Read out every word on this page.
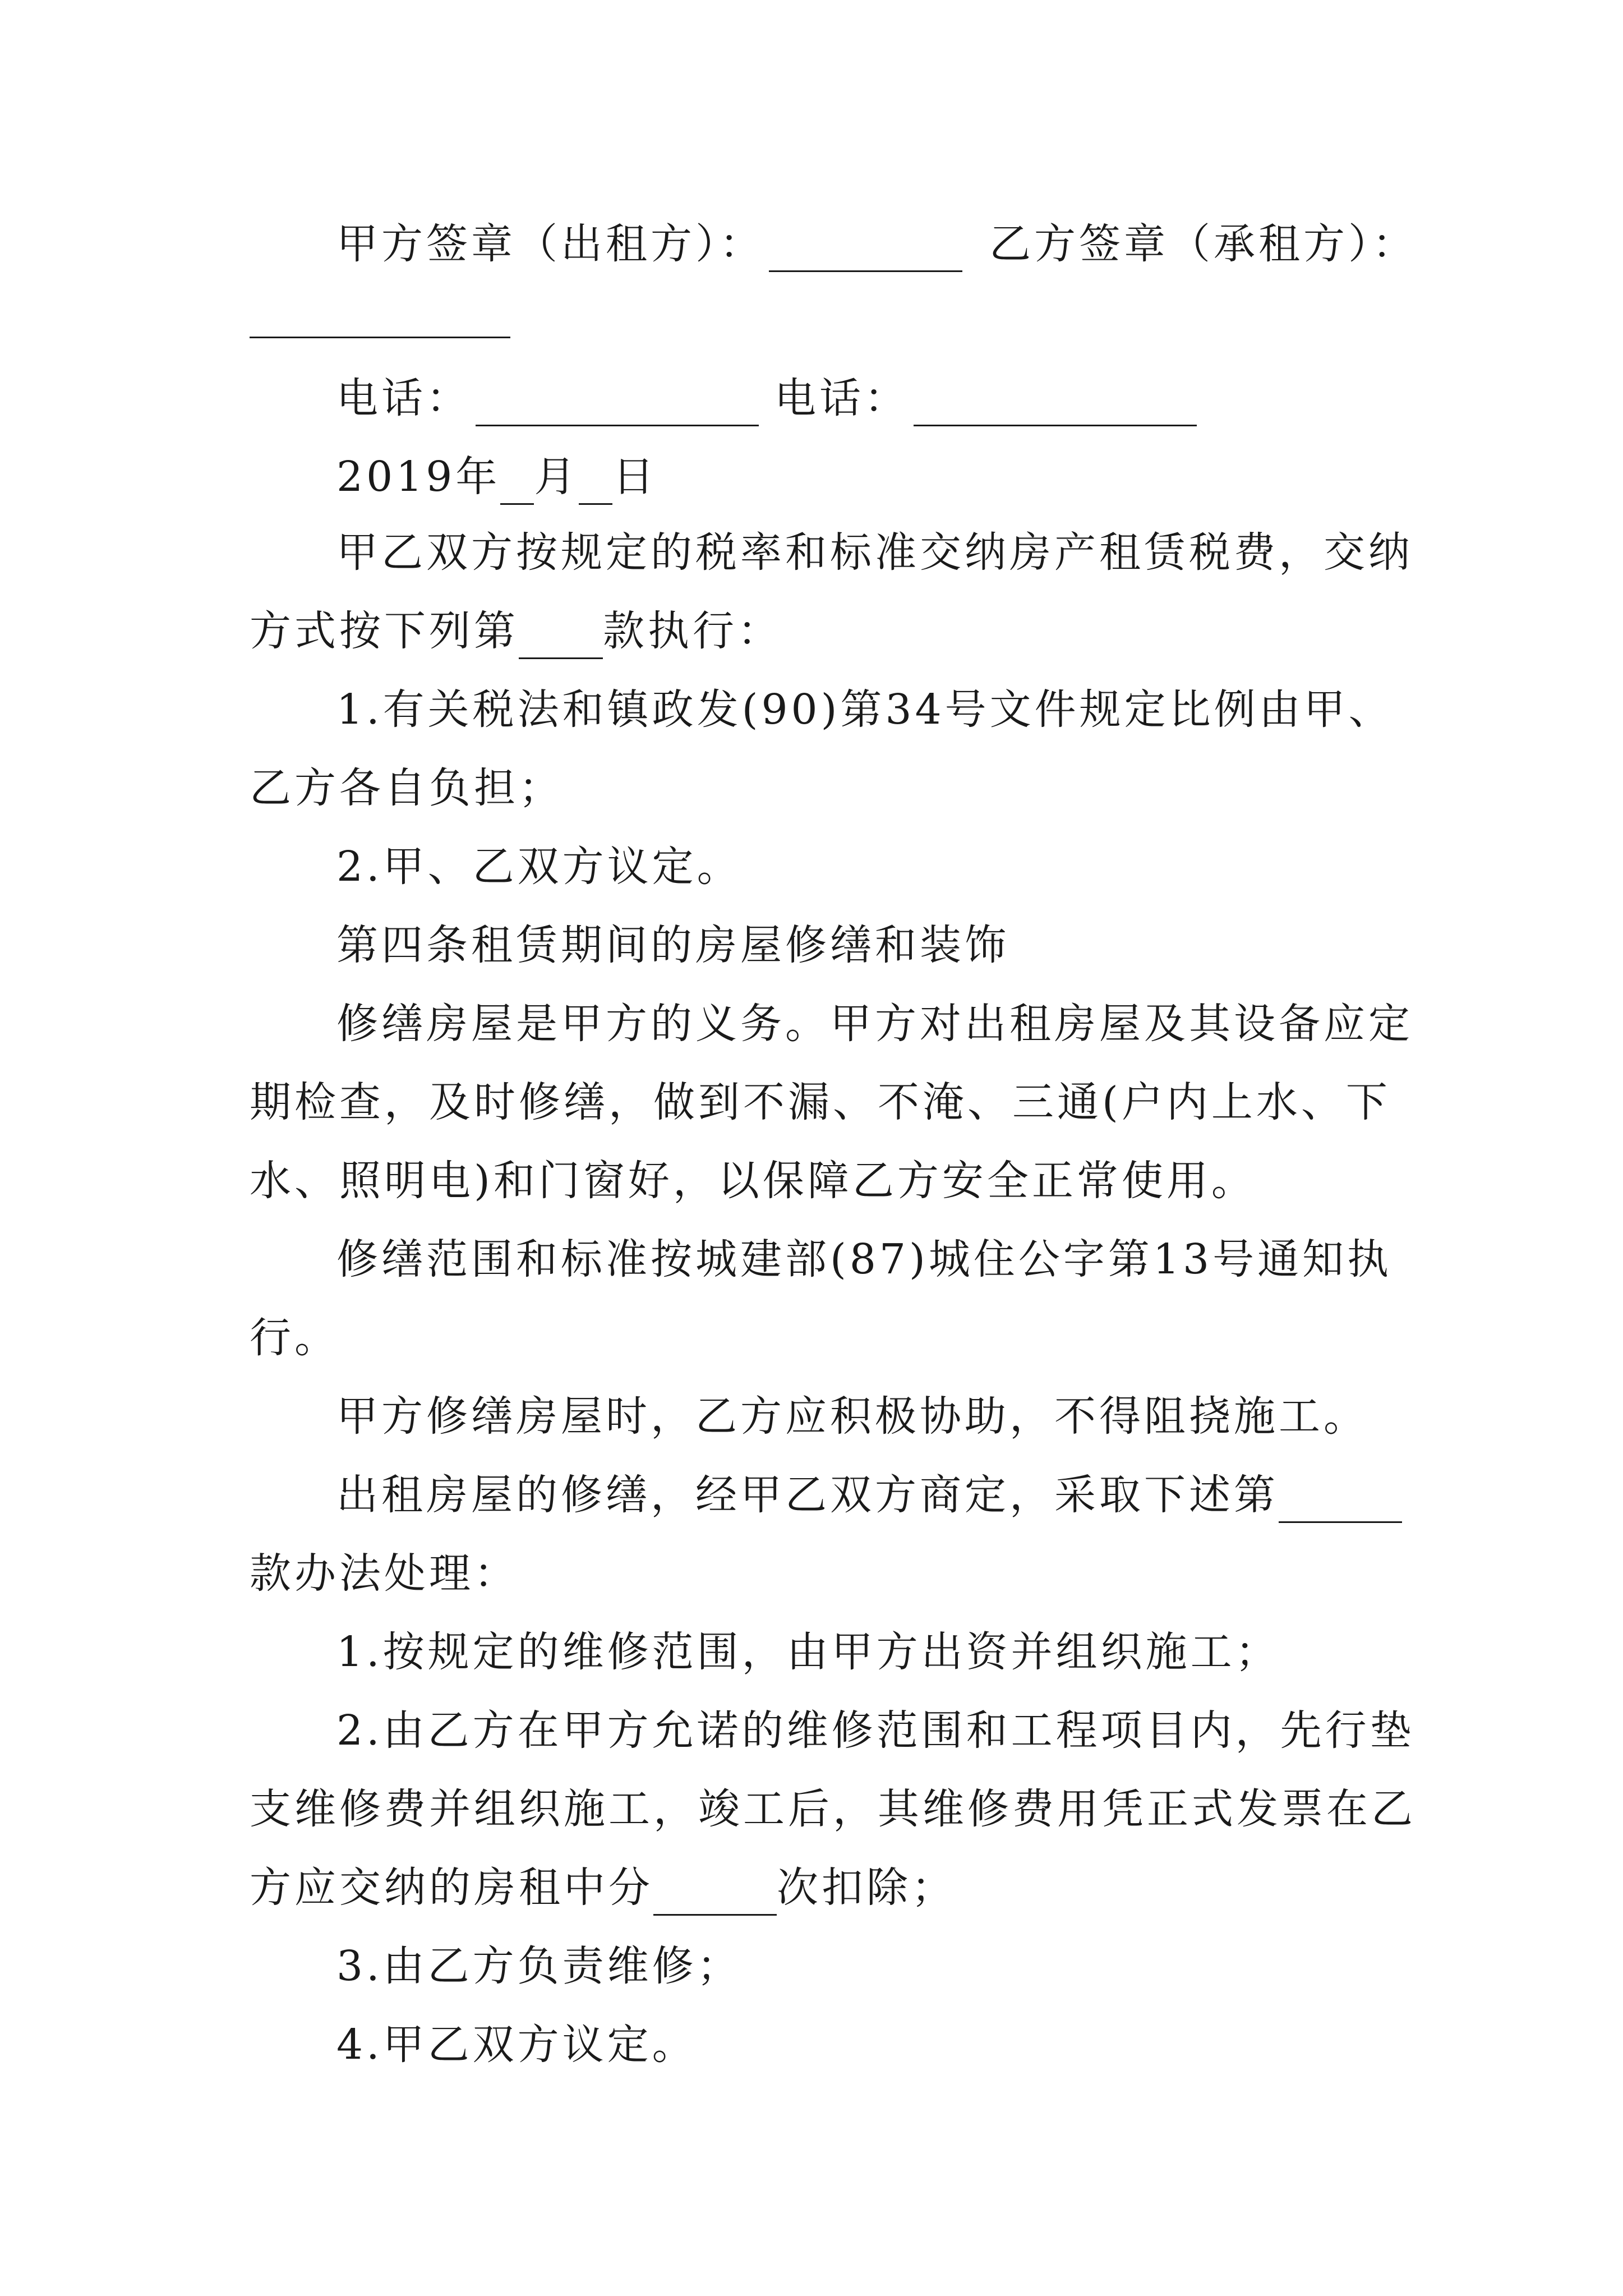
甲方签章（出租方）：	乙方签章（承租方）：
电话：	电话：
2019年 月 日
甲乙双方按规定的税率和标准交纳房产租赁税费，交纳
方式按下列第 款执行：
1.有关税法和镇政发(90)第34号文件规定比例由甲、
乙方各自负担；
2.甲、乙双方议定。
第四条租赁期间的房屋修缮和装饰
修缮房屋是甲方的义务。甲方对出租房屋及其设备应定
期检查，及时修缮，做到不漏、不淹、三通(户内上水、下
水、照明电)和门窗好，以保障乙方安全正常使用。
修缮范围和标准按城建部(87)城住公字第13号通知执
行。
甲方修缮房屋时，乙方应积极协助，不得阻挠施工。
出租房屋的修缮，经甲乙双方商定，采取下述第
款办法处理：
1.按规定的维修范围，由甲方出资并组织施工；
2.由乙方在甲方允诺的维修范围和工程项目内，先行垫
支维修费并组织施工，竣工后，其维修费用凭正式发票在乙
方应交纳的房租中分	次扣除；
3.由乙方负责维修；
4.甲乙双方议定。
